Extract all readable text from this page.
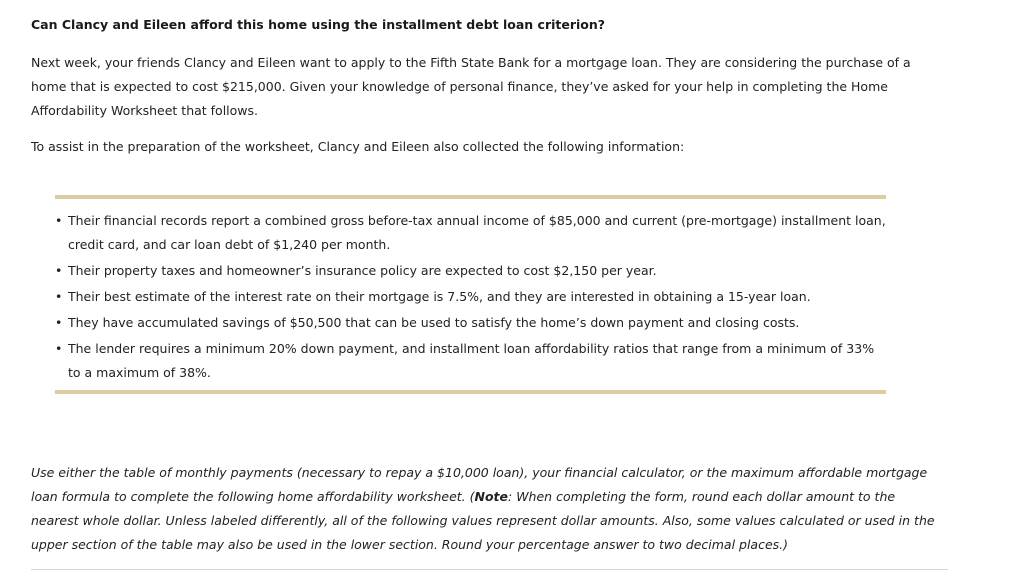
Can Clancy and Eileen afford this home using the installment debt loan criterion?

Next week, your friends Clancy and Eileen want to apply to the Fifth State Bank for a mortgage loan. They are considering the purchase of a home that is expected to cost $215,000. Given your knowledge of personal finance, they’ve asked for your help in completing the Home Affordability Worksheet that follows.

To assist in the preparation of the worksheet, Clancy and Eileen also collected the following information:

• Their financial records report a combined gross before-tax annual income of $85,000 and current (pre-mortgage) installment loan, credit card, and car loan debt of $1,240 per month.
• Their property taxes and homeowner’s insurance policy are expected to cost $2,150 per year.
• Their best estimate of the interest rate on their mortgage is 7.5%, and they are interested in obtaining a 15-year loan.
• They have accumulated savings of $50,500 that can be used to satisfy the home’s down payment and closing costs.
• The lender requires a minimum 20% down payment, and installment loan affordability ratios that range from a minimum of 33% to a maximum of 38%.

Use either the table of monthly payments (necessary to repay a $10,000 loan), your financial calculator, or the maximum affordable mortgage loan formula to complete the following home affordability worksheet. (Note: When completing the form, round each dollar amount to the nearest whole dollar. Unless labeled differently, all of the following values represent dollar amounts. Also, some values calculated or used in the upper section of the table may also be used in the lower section. Round your percentage answer to two decimal places.)
